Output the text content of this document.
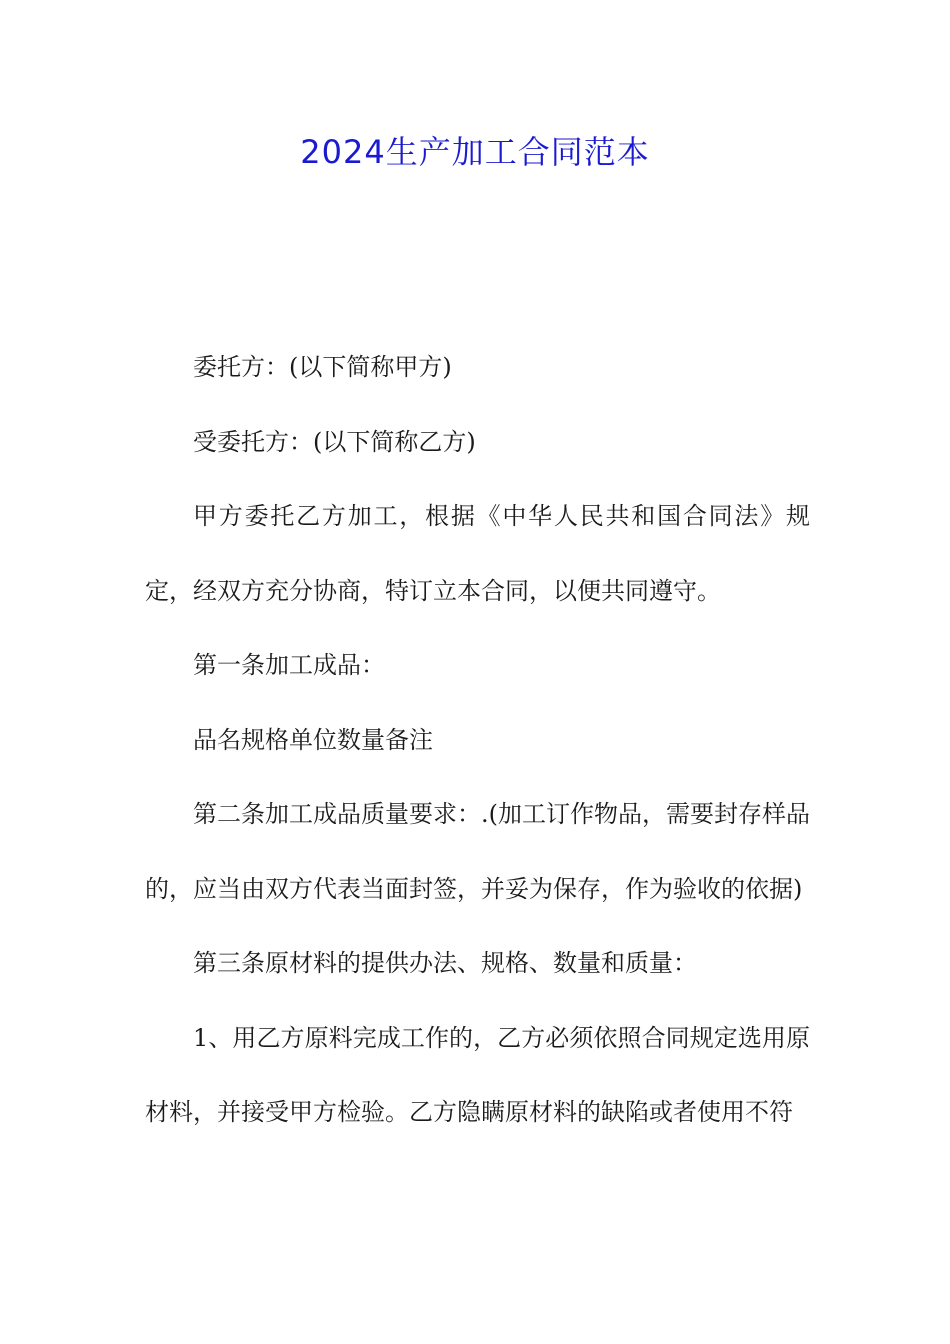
2024生产加工合同范本

委托方：(以下简称甲方)

受委托方：(以下简称乙方)

甲方委托乙方加工，根据《中华人民共和国合同法》规定，经双方充分协商，特订立本合同，以便共同遵守。

第一条加工成品：

品名规格单位数量备注

第二条加工成品质量要求：.(加工订作物品，需要封存样品的，应当由双方代表当面封签，并妥为保存，作为验收的依据)

第三条原材料的提供办法、规格、数量和质量：

1、用乙方原料完成工作的，乙方必须依照合同规定选用原材料，并接受甲方检验。乙方隐瞒原材料的缺陷或者使用不符
